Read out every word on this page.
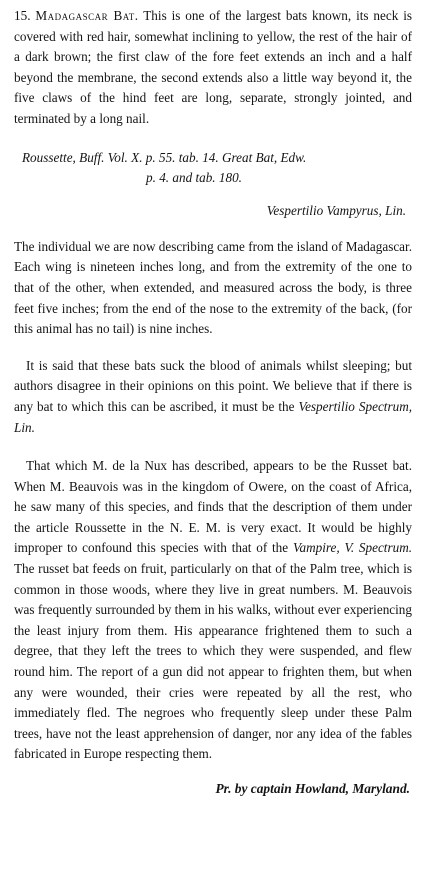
15. Madagascar Bat. This is one of the largest bats known, its neck is covered with red hair, somewhat inclining to yellow, the rest of the hair of a dark brown; the first claw of the fore feet extends an inch and a half beyond the membrane, the second extends also a little way beyond it, the five claws of the hind feet are long, separate, strongly jointed, and terminated by a long nail.

Roussette, Buff. Vol. X. p. 55. tab. 14. Great Bat, Edw.
p. 4. and tab. 180.
Vespertilio Vampyrus, Lin.

The individual we are now describing came from the island of Madagascar. Each wing is nineteen inches long, and from the extremity of the one to that of the other, when extended, and measured across the body, is three feet five inches; from the end of the nose to the extremity of the back, (for this animal has no tail) is nine inches.

It is said that these bats suck the blood of animals whilst sleeping; but authors disagree in their opinions on this point. We believe that if there is any bat to which this can be ascribed, it must be the Vespertilio Spectrum, Lin.

That which M. de la Nux has described, appears to be the Russet bat. When M. Beauvois was in the kingdom of Owere, on the coast of Africa, he saw many of this species, and finds that the description of them under the article Roussette in the N. E. M. is very exact. It would be highly improper to confound this species with that of the Vampire, V. Spectrum. The russet bat feeds on fruit, particularly on that of the Palm tree, which is common in those woods, where they live in great numbers. M. Beauvois was frequently surrounded by them in his walks, without ever experiencing the least injury from them. His appearance frightened them to such a degree, that they left the trees to which they were suspended, and flew round him. The report of a gun did not appear to frighten them, but when any were wounded, their cries were repeated by all the rest, who immediately fled. The negroes who frequently sleep under these Palm trees, have not the least apprehension of danger, nor any idea of the fables fabricated in Europe respecting them.

Pr. by captain Howland, Maryland.
